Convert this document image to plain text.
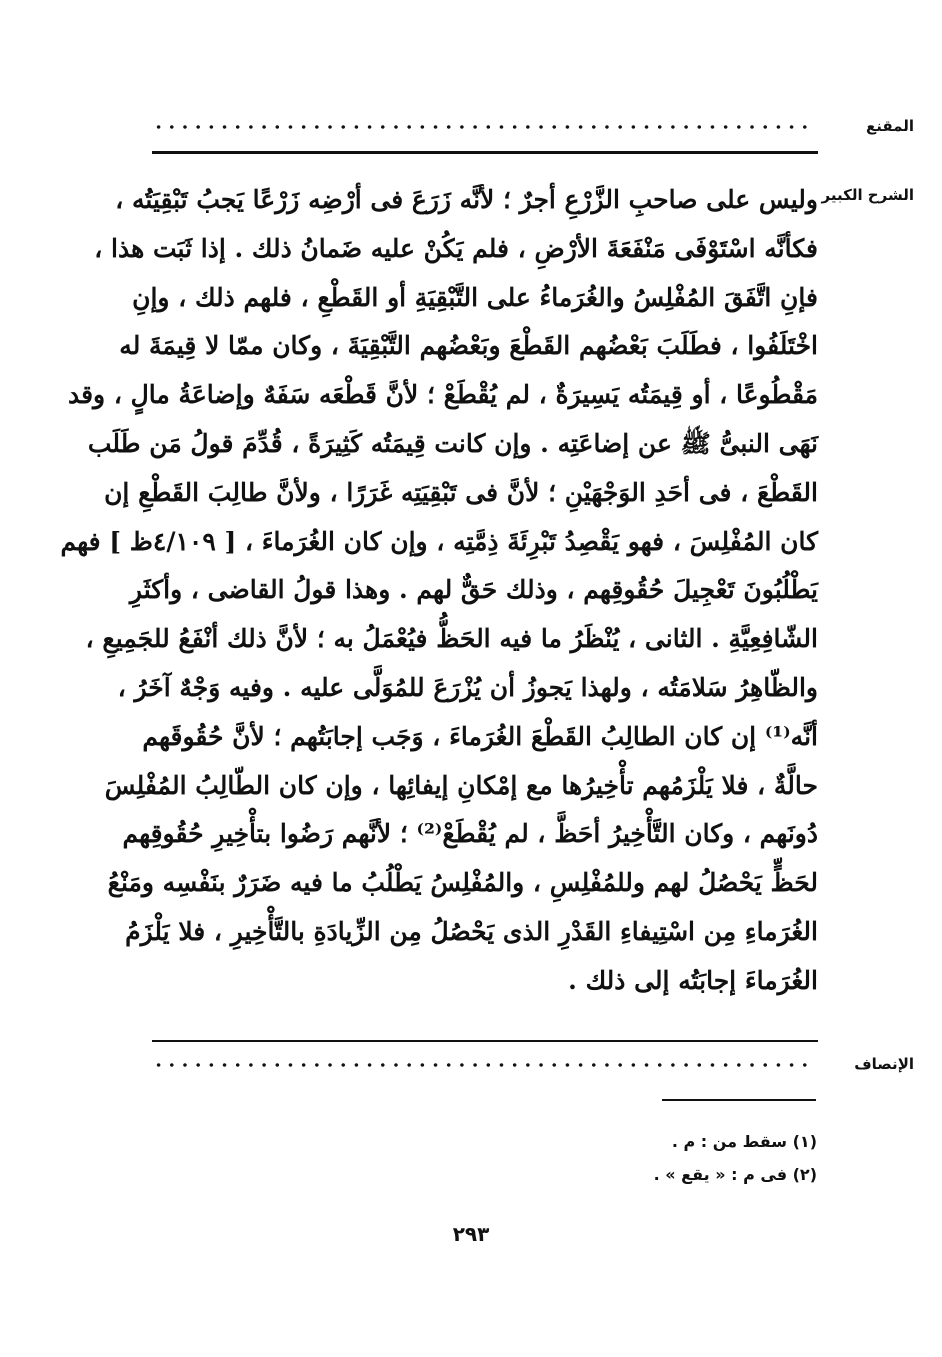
المقنع
الشرح الكبير
وليس على صاحبِ الزَّرْعِ أجرٌ ؛ لأنَّه زَرَعَ فى أرْضِه زَرْعًا يَجبُ تَبْقِيَتُه ،
فكأنَّه اسْتَوْفَى مَنْفَعَةَ الأرْضِ ، فلم يَكُنْ عليه ضَمانُ ذلك . إذا ثَبَت هذا ،
فإنِ اتَّفَقَ المُفْلِسُ والغُرَماءُ على التَّبْقِيَةِ أو القَطْعِ ، فلهم ذلك ، وإنِ
اخْتَلَفُوا ، فطَلَبَ بَعْضُهم القَطْعَ وبَعْضُهم التَّبْقِيَةَ ، وكان ممّا لا قِيمَةَ له
مَقْطُوعًا ، أو قِيمَتُه يَسِيرَةٌ ، لم يُقْطَعْ ؛ لأنَّ قَطْعَه سَفَهٌ وإضاعَةُ مالٍ ، وقد
نَهَى النبىُّ ﷺ عن إضاعَتِه . وإن كانت قِيمَتُه كَثِيرَةً ، قُدِّمَ قولُ مَن طَلَب
القَطْعَ ، فى أحَدِ الوَجْهَيْنِ ؛ لأنَّ فى تَبْقِيَتِه غَرَرًا ، ولأنَّ طالِبَ القَطْعِ إن
كان المُفْلِسَ ، فهو يَقْصِدُ تَبْرِئَةَ ذِمَّتِه ، وإن كان الغُرَماءَ ، [ ٤/١٠٩ظ ] فهم
يَطْلُبُونَ تَعْجِيلَ حُقُوقِهم ، وذلك حَقٌّ لهم . وهذا قولُ القاضى ، وأكثَرِ
الشّافِعِيَّةِ . الثانى ، يُنْظَرُ ما فيه الحَظُّ فيُعْمَلُ به ؛ لأنَّ ذلك أنْفَعُ للجَمِيعِ ،
والظّاهِرُ سَلامَتُه ، ولهذا يَجوزُ أن يُزْرَعَ للمُوَلَّى عليه . وفيه وَجْهٌ آخَرُ ،
أنَّه⁽¹⁾ إن كان الطالِبُ القَطْعَ الغُرَماءَ ، وَجَب إجابَتُهم ؛ لأنَّ حُقُوقَهم
حالَّةٌ ، فلا يَلْزَمُهم تأْخِيرُها مع إمْكانِ إيفائِها ، وإن كان الطّالِبُ المُفْلِسَ
دُونَهم ، وكان التَّأْخِيرُ أحَظَّ ، لم يُقْطَعْ⁽²⁾ ؛ لأنَّهم رَضُوا بتأْخِيرِ حُقُوقِهم
لحَظٍّ يَحْصُلُ لهم وللمُفْلِسِ ، والمُفْلِسُ يَطْلُبُ ما فيه ضَرَرٌ بنَفْسِه ومَنْعُ
الغُرَماءِ مِن اسْتِيفاءِ القَدْرِ الذى يَحْصُلُ مِن الزِّيادَةِ بالتَّأْخِيرِ ، فلا يَلْزَمُ
الغُرَماءَ إجابَتُه إلى ذلك .
الإنصاف
(١) سقط من : م .
(٢) فى م : « يقع » .
٢٩٣
